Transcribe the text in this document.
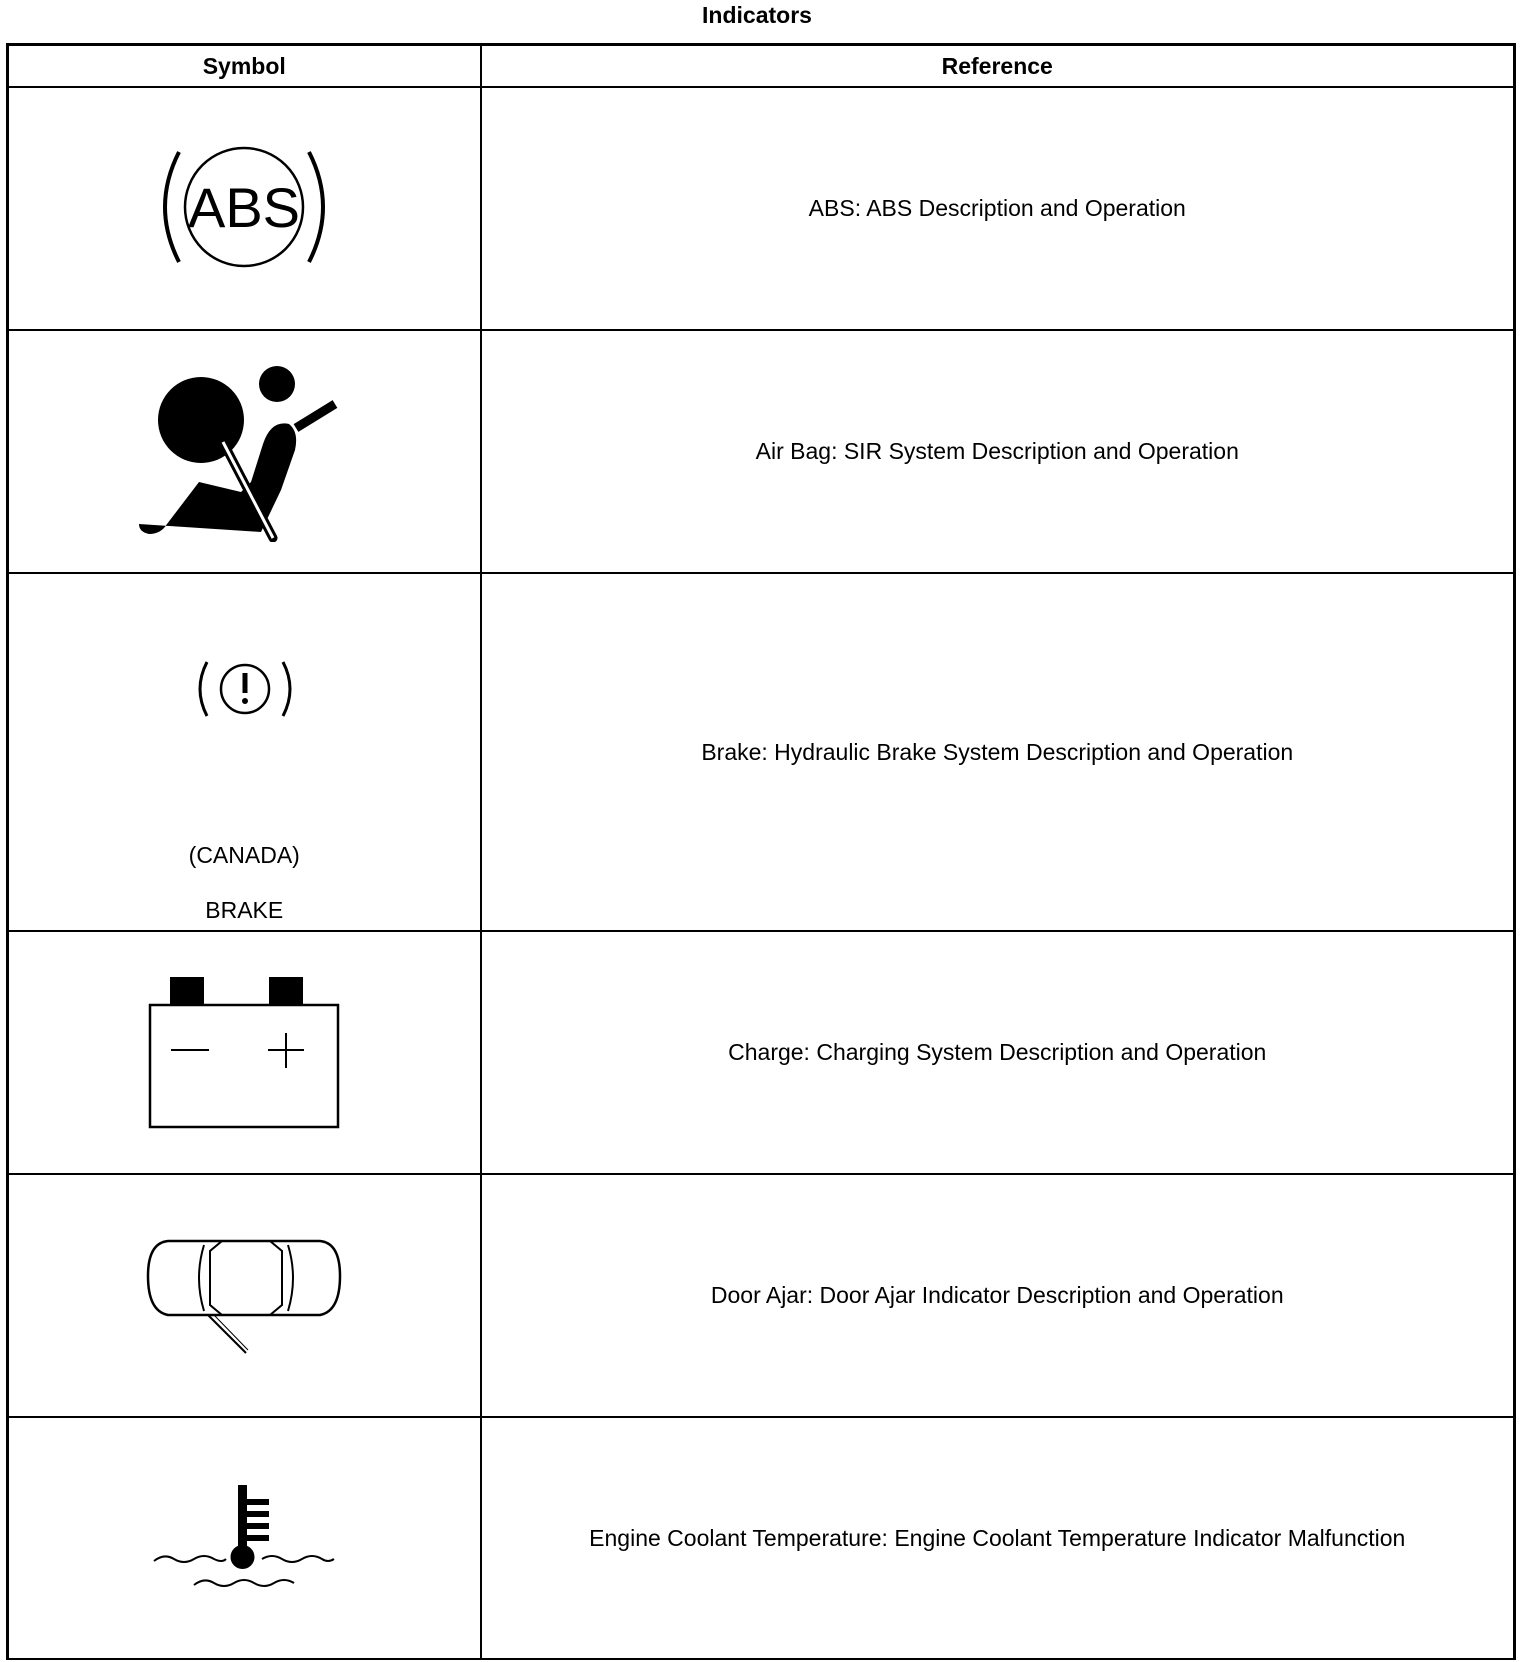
Indicators
Symbol	Reference

ABS	ABS: ABS Description and Operation

	Air Bag: SIR System Description and Operation

(CANADA)
BRAKE	Brake: Hydraulic Brake System Description and Operation

	Charge: Charging System Description and Operation

	Door Ajar: Door Ajar Indicator Description and Operation

	Engine Coolant Temperature: Engine Coolant Temperature Indicator Malfunction
